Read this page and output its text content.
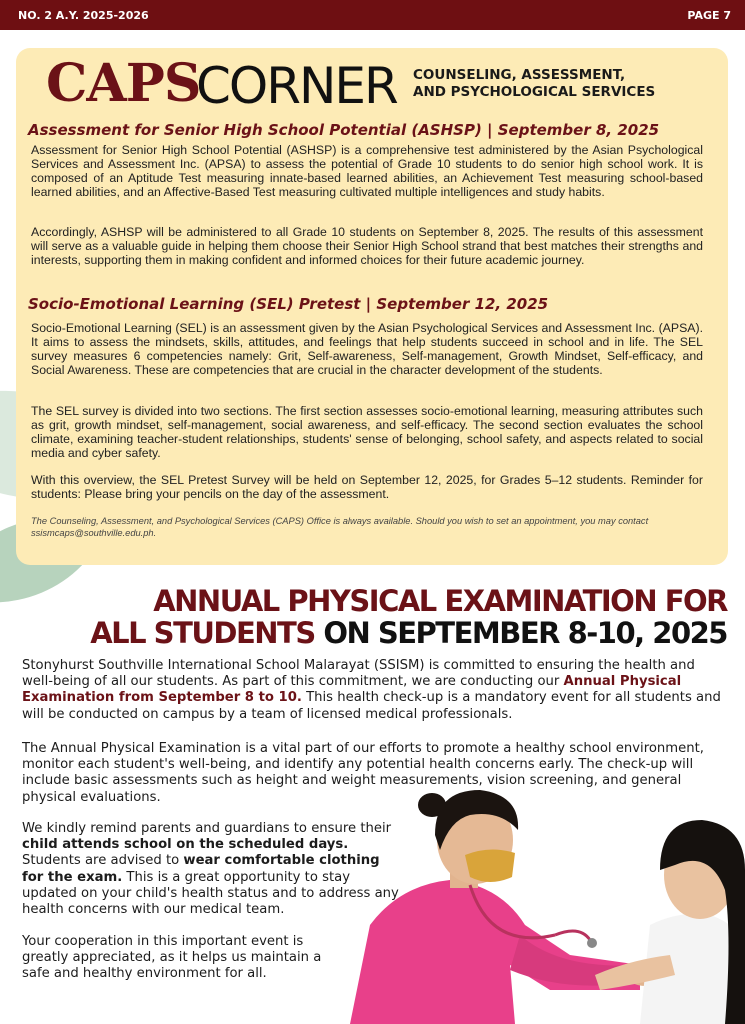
NO. 2 A.Y. 2025-2026	PAGE 7
CAPS
CORNER COUNSELING, ASSESSMENT,
AND PSYCHOLOGICAL SERVICES
Assessment for Senior High School Potential (ASHSP) | September 8, 2025

Assessment for Senior High School Potential (ASHSP) is a comprehensive test administered by the Asian Psychological Services and Assessment Inc. (APSA) to assess the potential of Grade 10 students to do senior high school work. It is composed of an Aptitude Test measuring innate-based learned abilities, an Achievement Test measuring school-based learned abilities, and an Affective-Based Test measuring cultivated multiple intelligences and study habits.

Accordingly, ASHSP will be administered to all Grade 10 students on September 8, 2025. The results of this assessment will serve as a valuable guide in helping them choose their Senior High School strand that best matches their strengths and interests, supporting them in making confident and informed choices for their future academic journey.

Socio-Emotional Learning (SEL) Pretest | September 12, 2025

Socio-Emotional Learning (SEL) is an assessment given by the Asian Psychological Services and Assessment Inc. (APSA). It aims to assess the mindsets, skills, attitudes, and feelings that help students succeed in school and in life. The SEL survey measures 6 competencies namely: Grit, Self-awareness, Self-management, Growth Mindset, Self-efficacy, and Social Awareness. These are competencies that are crucial in the character development of the students.

The SEL survey is divided into two sections. The first section assesses socio-emotional learning, measuring attributes such as grit, growth mindset, self-management, social awareness, and self-efficacy. The second section evaluates the school climate, examining teacher-student relationships, students' sense of belonging, school safety, and aspects related to social media and cyber safety.

With this overview, the SEL Pretest Survey will be held on September 12, 2025, for Grades 5–12 students. Reminder for students: Please bring your pencils on the day of the assessment.

The Counseling, Assessment, and Psychological Services (CAPS) Office is always available. Should you wish to set an appointment, you may contact ssismcaps@southville.edu.ph.

ANNUAL PHYSICAL EXAMINATION FOR
ALL STUDENTS ON SEPTEMBER 8-10, 2025

Stonyhurst Southville International School Malarayat (SSISM) is committed to ensuring the health and well-being of all our students. As part of this commitment, we are conducting our Annual Physical Examination from September 8 to 10. This health check-up is a mandatory event for all students and will be conducted on campus by a team of licensed medical professionals.

The Annual Physical Examination is a vital part of our efforts to promote a healthy school environment, monitor each student's well-being, and identify any potential health concerns early. The check-up will include basic assessments such as height and weight measurements, vision screening, and general physical evaluations.

We kindly remind parents and guardians to ensure their child attends school on the scheduled days. Students are advised to wear comfortable clothing for the exam. This is a great opportunity to stay updated on your child's health status and to address any health concerns with our medical team.

Your cooperation in this important event is greatly appreciated, as it helps us maintain a safe and healthy environment for all.
